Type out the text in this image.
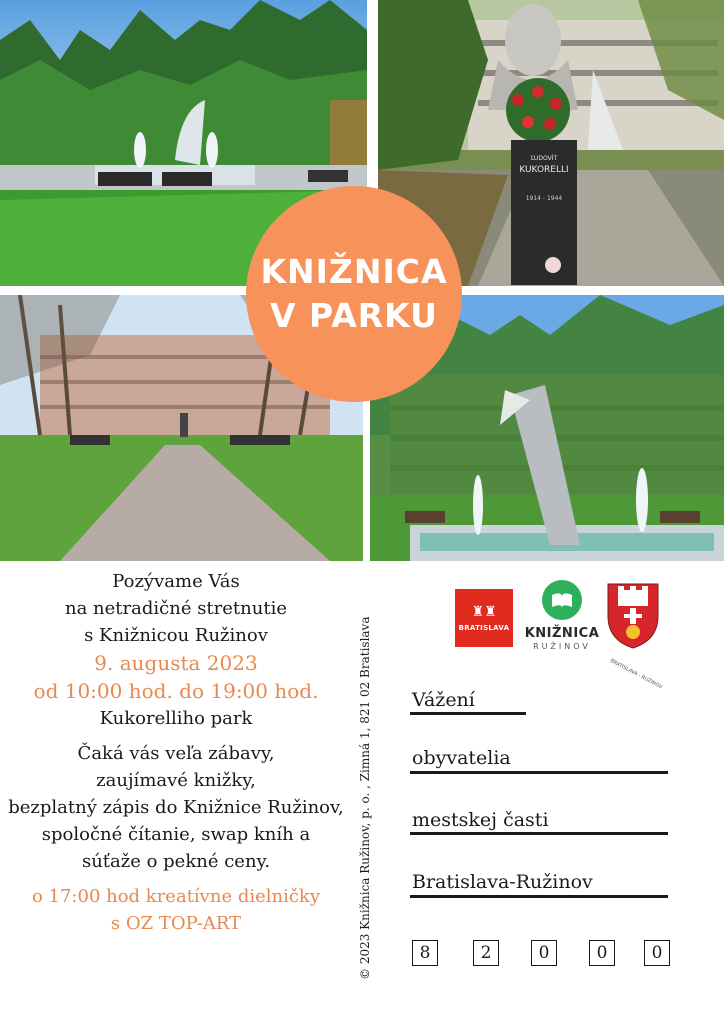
ĽUDOVÍT
KUKORELLI
1914 - 1944
KNIŽNICA
V PARKU
Pozývame Vás
na netradičné stretnutie
s Knižnicou Ružinov
9. augusta 2023
od 10:00 hod. do 19:00 hod.
Kukorelliho park
Čaká vás veľa zábavy,
zaujímavé knižky,
bezplatný zápis do Knižnice Ružinov,
spoločné čítanie, swap kníh a
súťaže o pekné ceny.
o 17:00 hod kreatívne dielničky
s OZ TOP-ART	© 2023 Knižnica Ružinov, p. o. , Zimná 1, 821 02 Bratislava
♜♜
BRATISLAVA KNIŽNICA
RUŽINOV
BRATISLAVA - RUŽINOV
Vážení
obyvatelia
mestskej časti
Bratislava-Ružinov
8	2	0	0	0
